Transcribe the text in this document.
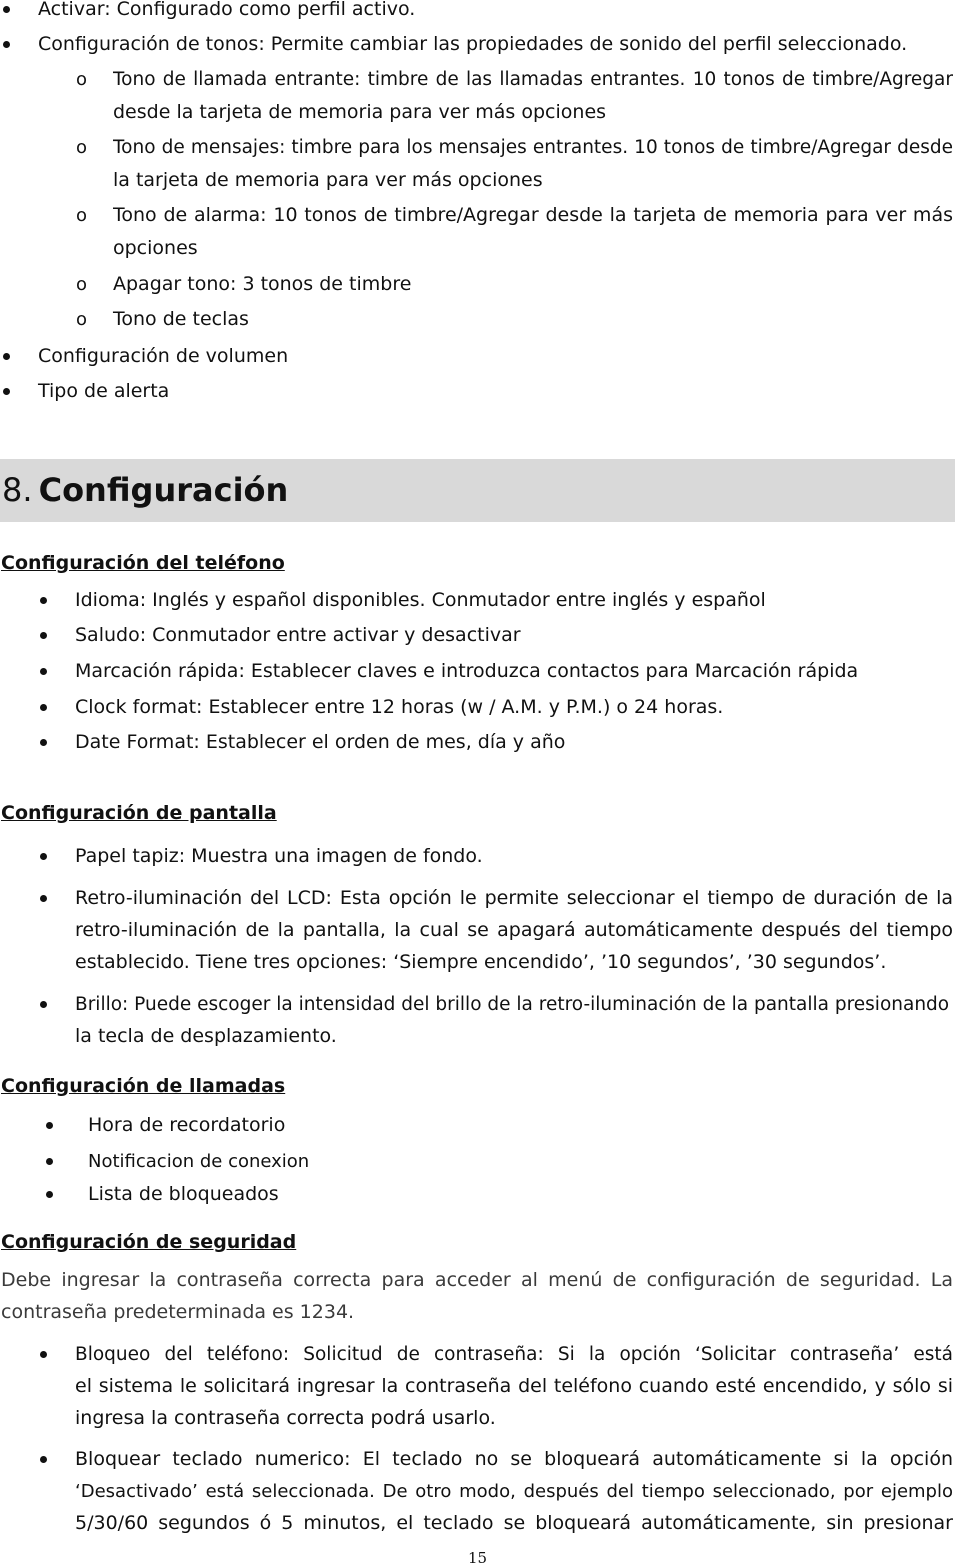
Activar: Configurado como perfil activo.
Configuración de tonos: Permite cambiar las propiedades de sonido del perfil seleccionado.
o Tono de llamada entrante: timbre de las llamadas entrantes. 10 tonos de timbre/Agregar
desde la tarjeta de memoria para ver más opciones
o Tono de mensajes: timbre para los mensajes entrantes. 10 tonos de timbre/Agregar desde
la tarjeta de memoria para ver más opciones
o Tono de alarma: 10 tonos de timbre/Agregar desde la tarjeta de memoria para ver más
opciones
o Apagar tono: 3 tonos de timbre
o Tono de teclas
Configuración de volumen
Tipo de alerta
8. Configuración
Configuración del teléfono
Idioma: Inglés y español disponibles. Conmutador entre inglés y español
Saludo: Conmutador entre activar y desactivar
Marcación rápida: Establecer claves e introduzca contactos para Marcación rápida
Clock format: Establecer entre 12 horas (w / A.M. y P.M.) o 24 horas.
Date Format: Establecer el orden de mes, día y año
Configuración de pantalla
Papel tapiz: Muestra una imagen de fondo.
Retro-iluminación del LCD: Esta opción le permite seleccionar el tiempo de duración de la
retro-iluminación de la pantalla, la cual se apagará automáticamente después del tiempo
establecido. Tiene tres opciones: ‘Siempre encendido’, ’10 segundos’, ’30 segundos’.
Brillo: Puede escoger la intensidad del brillo de la retro-iluminación de la pantalla presionando
la tecla de desplazamiento.
Configuración de llamadas
Hora de recordatorio
Notificacion de conexion
Lista de bloqueados
Configuración de seguridad
Debe ingresar la contraseña correcta para acceder al menú de configuración de seguridad. La
contraseña predeterminada es 1234.
Bloqueo del teléfono: Solicitud de contraseña: Si la opción ‘Solicitar contraseña’ está
el sistema le solicitará ingresar la contraseña del teléfono cuando esté encendido, y sólo si
ingresa la contraseña correcta podrá usarlo.
Bloquear teclado numerico: El teclado no se bloqueará automáticamente si la opción
‘Desactivado’ está seleccionada. De otro modo, después del tiempo seleccionado, por ejemplo
5/30/60 segundos ó 5 minutos, el teclado se bloqueará automáticamente, sin presionar
15
